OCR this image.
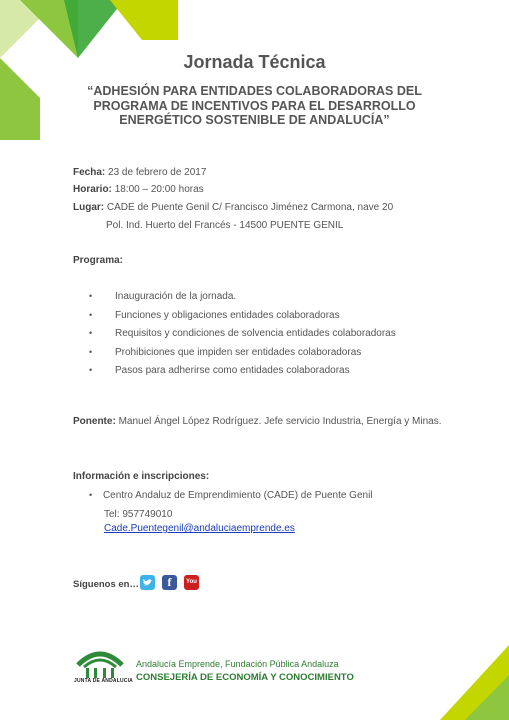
Jornada Técnica
“ADHESIÓN PARA ENTIDADES COLABORADORAS DEL
PROGRAMA DE INCENTIVOS PARA EL DESARROLLO
ENERGÉTICO SOSTENIBLE DE ANDALUCÍA”
Fecha: 23 de febrero de 2017
Horario: 18:00 – 20:00 horas
Lugar: CADE de Puente Genil C/ Francisco Jiménez Carmona, nave 20
Pol. Ind. Huerto del Francés - 14500 PUENTE GENIL
Programa:
• Inauguración de la jornada.
• Funciones y obligaciones entidades colaboradoras
• Requisitos y condiciones de solvencia entidades colaboradoras
• Prohibiciones que impiden ser entidades colaboradoras
• Pasos para adherirse como entidades colaboradoras
Ponente: Manuel Ángel López Rodríguez. Jefe servicio Industria, Energía y Minas.
Información e inscripciones:
• Centro Andaluz de Emprendimiento (CADE) de Puente Genil
Tel: 957749010
Cade.Puentegenil@andaluciaemprende.es
Síguenos en…	f	You
JUNTA DE ANDALUCIA
Andalucía Emprende, Fundación Pública Andaluza
CONSEJERÍA DE ECONOMÍA Y CONOCIMIENTO
